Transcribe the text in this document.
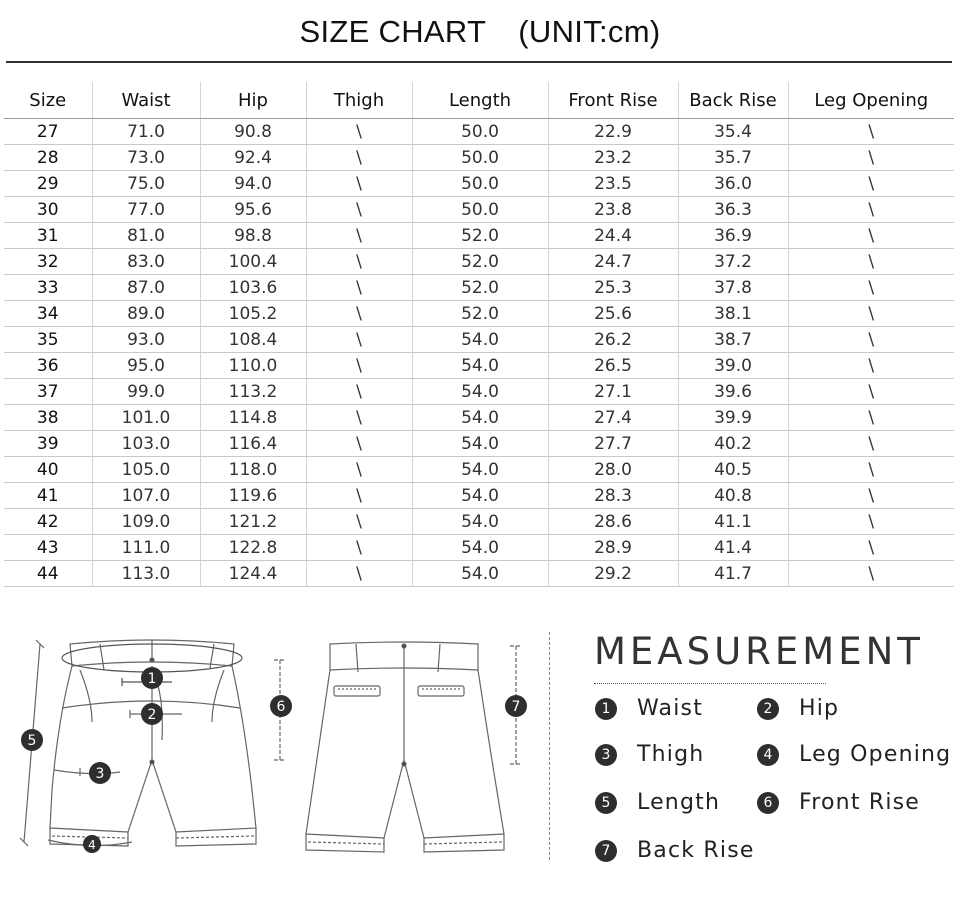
SIZE CHART (UNIT:cm)
Size	Waist	Hip	Thigh	Length	Front Rise	Back Rise	Leg Opening
27	71.0	90.8	\	50.0	22.9	35.4	\
28	73.0	92.4	\	50.0	23.2	35.7	\
29	75.0	94.0	\	50.0	23.5	36.0	\
30	77.0	95.6	\	50.0	23.8	36.3	\
31	81.0	98.8	\	52.0	24.4	36.9	\
32	83.0	100.4	\	52.0	24.7	37.2	\
33	87.0	103.6	\	52.0	25.3	37.8	\
34	89.0	105.2	\	52.0	25.6	38.1	\
35	93.0	108.4	\	54.0	26.2	38.7	\
36	95.0	110.0	\	54.0	26.5	39.0	\
37	99.0	113.2	\	54.0	27.1	39.6	\
38	101.0	114.8	\	54.0	27.4	39.9	\
39	103.0	116.4	\	54.0	27.7	40.2	\
40	105.0	118.0	\	54.0	28.0	40.5	\
41	107.0	119.6	\	54.0	28.3	40.8	\
42	109.0	121.2	\	54.0	28.6	41.1	\
43	111.0	122.8	\	54.0	28.9	41.4	\
44	113.0	124.4	\	54.0	29.2	41.7	\
1
2
3
4
5
6	7
MEASUREMENT
1 Waist	2 Hip
3 Thigh	4 Leg Opening
5 Length	6 Front Rise
7 Back Rise
